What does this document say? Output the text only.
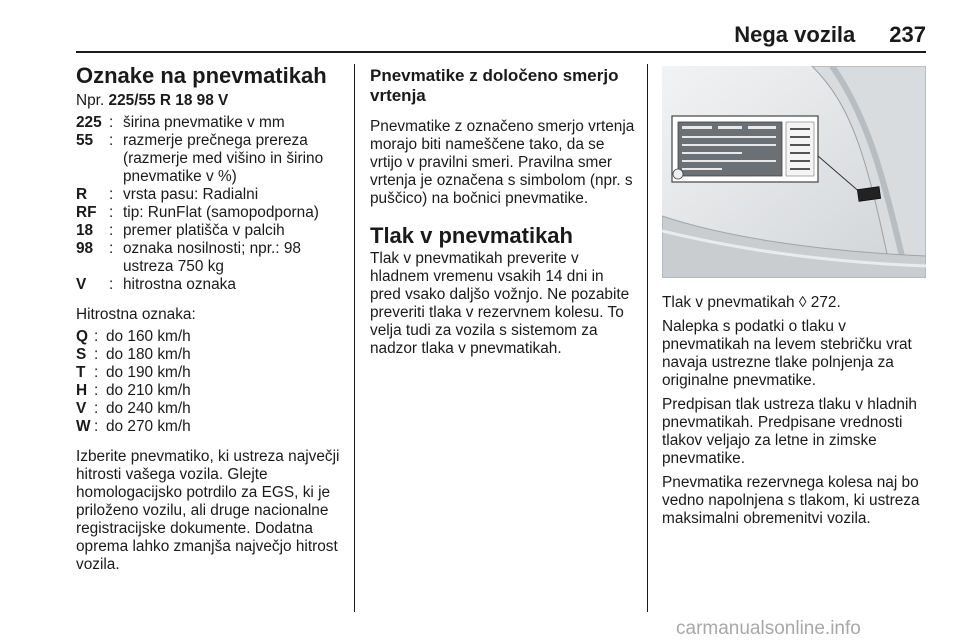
Nega vozila 237
Oznake na pnevmatikah

Npr. 225/55 R 18 98 V

225 : širina pnevmatike v mm
55	: razmerje prečnega prereza (razmerje med višino in širino pnevmatike v %)
R	: vrsta pasu: Radialni
RF : tip: RunFlat (samopodporna)
18	: premer platišča v palcih
98	: oznaka nosilnosti; npr.: 98 ustreza 750 kg
V	: hitrostna oznaka

Hitrostna oznaka:

Q : do 160 km/h
S : do 180 km/h
T : do 190 km/h
H : do 210 km/h
V : do 240 km/h
W : do 270 km/h

Izberite pnevmatiko, ki ustreza največji hitrosti vašega vozila. Glejte homologacijsko potrdilo za EGS, ki je priloženo vozilu, ali druge nacionalne registracijske dokumente. Dodatna oprema lahko zmanjša največjo hitrost vozila.

Pnevmatike z določeno smerjo vrtenja

Pnevmatike z označeno smerjo vrtenja morajo biti nameščene tako, da se vrtijo v pravilni smeri. Pravilna smer vrtenja je označena s simbolom (npr. s puščico) na bočnici pnevmatike.

Tlak v pnevmatikah

Tlak v pnevmatikah preverite v hladnem vremenu vsakih 14 dni in pred vsako daljšo vožnjo. Ne pozabite preveriti tlaka v rezervnem kolesu. To velja tudi za vozila s sistemom za nadzor tlaka v pnevmatikah.

Tlak v pnevmatikah ◊ 272.

Nalepka s podatki o tlaku v pnevmatikah na levem stebričku vrat navaja ustrezne tlake polnjenja za originalne pnevmatike.

Predpisan tlak ustreza tlaku v hladnih pnevmatikah. Predpisane vrednosti tlakov veljajo za letne in zimske pnevmatike.

Pnevmatika rezervnega kolesa naj bo vedno napolnjena s tlakom, ki ustreza maksimalni obremenitvi vozila.

carmanualsonline.info
